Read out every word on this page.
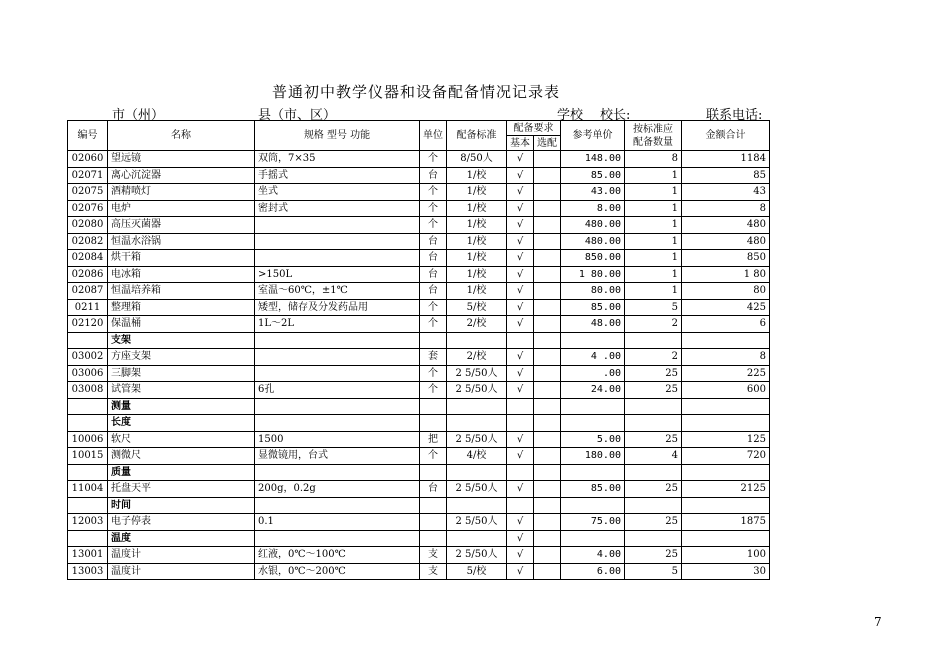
普通初中教学仪器和设备配备情况记录表
市（州）	县（市、区）	学校 校长:	联系电话:
编号	名称	规格 型号 功能	单位	配备标准	配备要求		参考单价	按标准应
配备数量	金额合计
					基本	选配			
02060	望远镜	双筒，7×35	个	8/50人	√		148.00	8	1184
02071	离心沉淀器	手摇式	台	1/校	√		85.00	1	85
02075	酒精喷灯	坐式	个	1/校	√		43.00	1	43
02076	电炉	密封式	个	1/校	√		8.00	1	8
02080	高压灭菌器		个	1/校	√		480.00	1	480
02082	恒温水浴锅		台	1/校	√		480.00	1	480
02084	烘干箱		台	1/校	√		850.00	1	850
02086	电冰箱	>150L	台	1/校	√		1 80.00	1	1 80
02087	恒温培养箱	室温～60℃，±1℃	台	1/校	√		80.00	1	80
0211	整理箱	矮型，储存及分发药品用	个	5/校	√		85.00	5	425
02120	保温桶	1L～2L	个	2/校	√		48.00	2	6
	支架								
03002	方座支架		套	2/校	√		4 .00	2	8
03006	三脚架		个	2 5/50人	√		.00	25	225
03008	试管架	6孔	个	2 5/50人	√		24.00	25	600
	测量								
	长度								
10006	软尺	1500	把	2 5/50人	√		5.00	25	125
10015	测微尺	显微镜用，台式	个	4/校	√		180.00	4	720
	质量								
11004	托盘天平	200g，0.2g	台	2 5/50人	√		85.00	25	2125
	时间								
12003	电子停表	0.1		2 5/50人	√		75.00	25	1875
	温度				√				
13001	温度计	红液，0℃～100℃	支	2 5/50人	√		4.00	25	100
13003	温度计	水银，0℃～200℃	支	5/校	√		6.00	5	30
7
